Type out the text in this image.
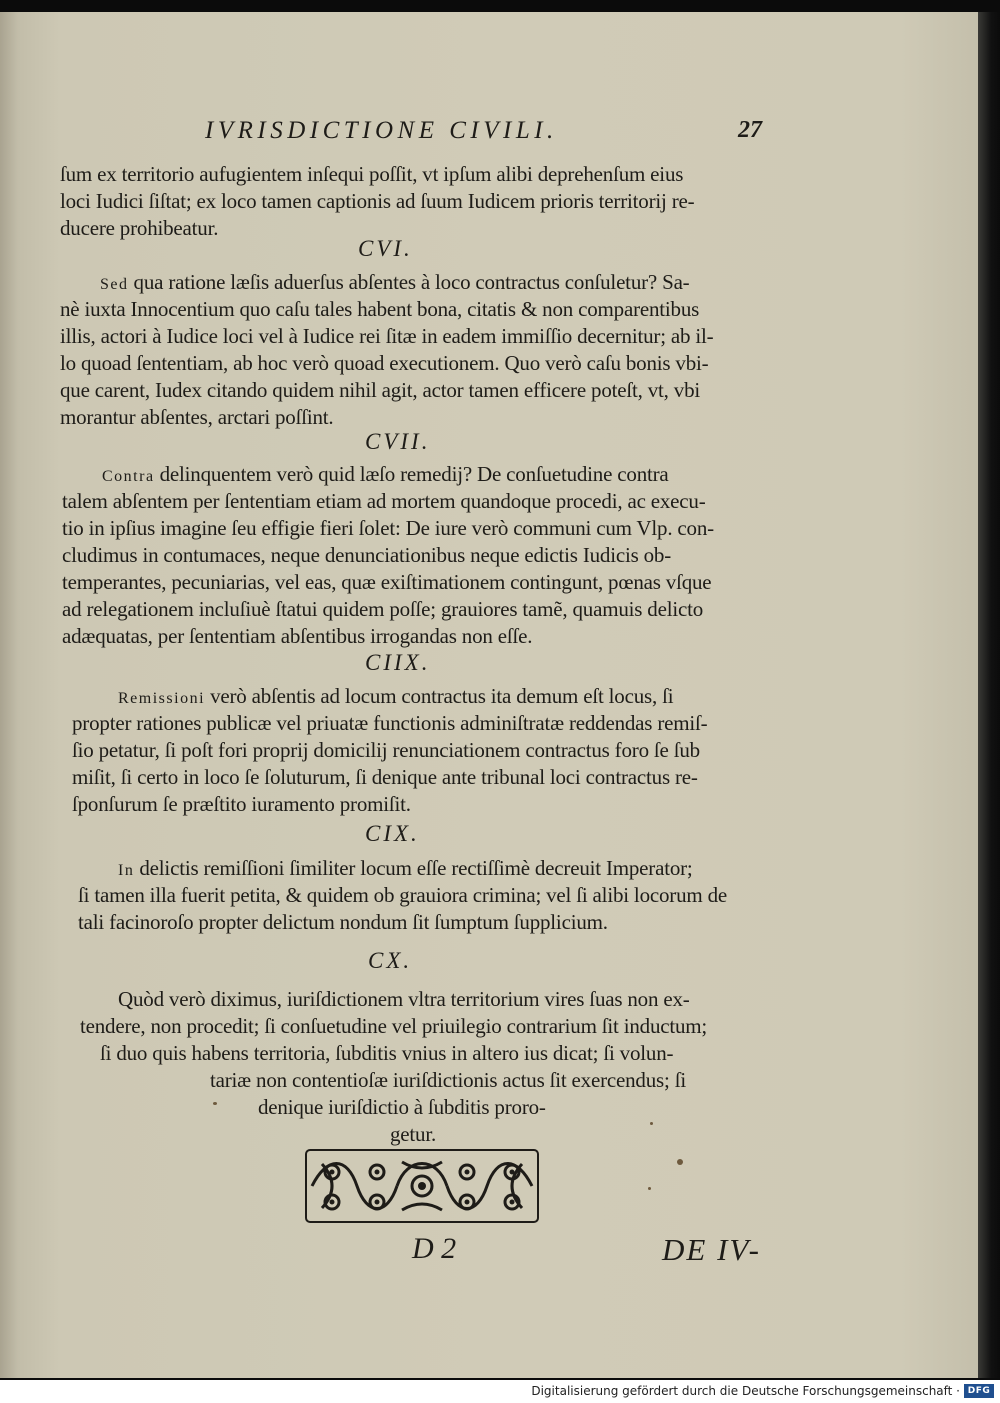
IVRISDICTIONE CIVILI.	27
ſum ex territorio aufugientem inſequi poſſit, vt ipſum alibi deprehenſum eius
loci Iudici ſiſtat; ex loco tamen captionis ad ſuum Iudicem prioris territorij re-
ducere prohibeatur.
CVI.
Sed qua ratione læſis aduerſus abſentes à loco contractus conſuletur? Sa-
nè iuxta Innocentium quo caſu tales habent bona, citatis & non comparentibus
illis, actori à Iudice loci vel à Iudice rei ſitæ in eadem immiſſio decernitur; ab il-
lo quoad ſententiam, ab hoc verò quoad executionem. Quo verò caſu bonis vbi-
que carent, Iudex citando quidem nihil agit, actor tamen efficere poteſt, vt, vbi
morantur abſentes, arctari poſſint.
CVII.
Contra delinquentem verò quid læſo remedij? De conſuetudine contra
talem abſentem per ſententiam etiam ad mortem quandoque procedi, ac execu-
tio in ipſius imagine ſeu effigie fieri ſolet: De iure verò communi cum Vlp. con-
cludimus in contumaces, neque denunciationibus neque edictis Iudicis ob-
temperantes, pecuniarias, vel eas, quæ exiſtimationem contingunt, pœnas vſque
ad relegationem incluſiuè ſtatui quidem poſſe; grauiores tamẽ, quamuis delicto
adæquatas, per ſententiam abſentibus irrogandas non eſſe.
CIIX.
Remissioni verò abſentis ad locum contractus ita demum eſt locus, ſi
propter rationes publicæ vel priuatæ functionis adminiſtratæ reddendas remiſ-
ſio petatur, ſi poſt fori proprij domicilij renunciationem contractus foro ſe ſub
miſit, ſi certo in loco ſe ſoluturum, ſi denique ante tribunal loci contractus re-
ſponſurum ſe præſtito iuramento promiſit.
CIX.
In delictis remiſſioni ſimiliter locum eſſe rectiſſimè decreuit Imperator;
ſi tamen illa fuerit petita, & quidem ob grauiora crimina; vel ſi alibi locorum de
tali facinoroſo propter delictum nondum ſit ſumptum ſupplicium.
CX.
Quòd verò diximus, iuriſdictionem vltra territorium vires ſuas non ex-
tendere, non procedit; ſi conſuetudine vel priuilegio contrarium ſit inductum;
ſi duo quis habens territoria, ſubditis vnius in altero ius dicat; ſi volun-
tariæ non contentioſæ iuriſdictionis actus ſit exercendus; ſi
denique iuriſdictio à ſubditis proro-
getur.
D 2	DE IV-
Digitalisierung gefördert durch die Deutsche Forschungsgemeinschaft · DFG
